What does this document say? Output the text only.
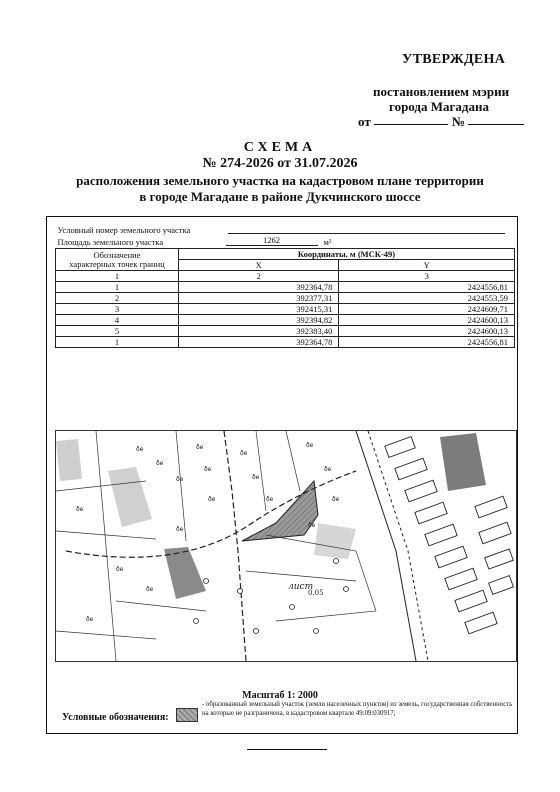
УТВЕРЖДЕНА
постановлением мэрии
города Магадана
от	№
СХЕМА
№ 274-2026 от 31.07.2026
расположения земельного участка на кадастровом плане территории
в городе Магадане в районе Дукчинского шоссе
Условный номер земельного участка		

Площадь земельного участка 1262 м²		

Обозначение
характерных точек границ	Координаты, м (МСК-49)	
	X	Y
1	2	3
1	392364,78	2424556,81
2	392377,31	2424553,59
3	392415,31	2424609,71
4	392394,82	2424600,13
5	392383,40	2424600,13
1	392364,78	2424556,81
ðe
ðe
ðe
ðe
ðe
ðe
ðe
ðe
ðe
ðe
ðe
ðe
ðe
ðe
ðe
ðe
ðe
ðe
лист
0.05
Масштаб 1: 2000
Условные обозначения:
- образованный земельный участок (земли населенных пунктов) из земель, государственная собственность на которые не разграничена, в кадастровом квартале 49:09:030917;
